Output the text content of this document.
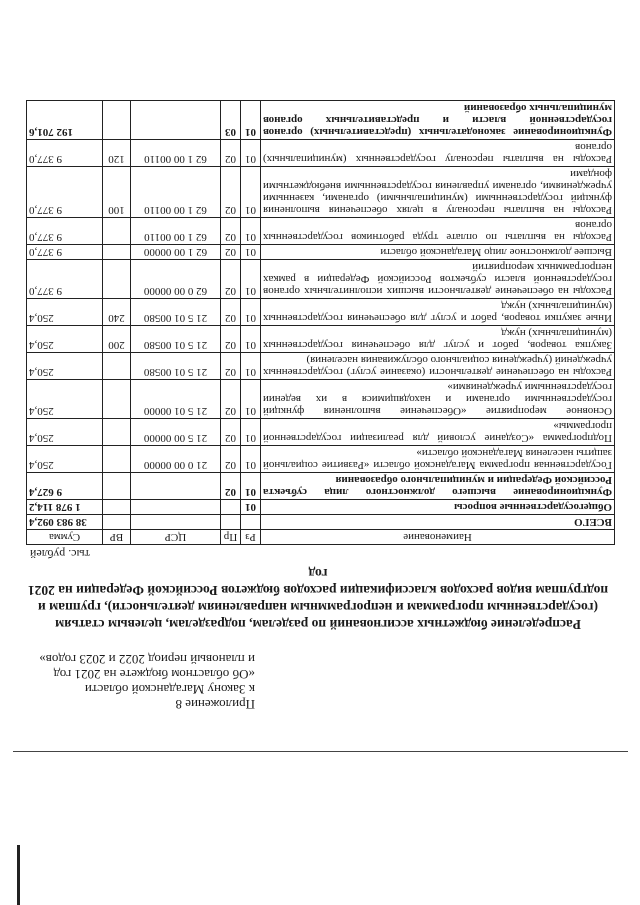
Приложение 8
к Закону Магаданской области
«Об областном бюджете на 2021 год
и плановый период 2022 и 2023 годов»
Распределение бюджетных ассигнований по разделам, подразделам, целевым статьям (государственным программам и непрограммным направлениям деятельности), группам и подгруппам видов расходов классификации расходов бюджетов Российской Федерации на 2021 год
тыс. рублей
Наименование	Рз	Пр	ЦСР	ВР	Сумма
ВСЕГО					38 983 092,4
Общегосударственные вопросы	01				1 978 114,2
Функционирование высшего должностного лица субъекта Российской Федерации и муниципального образования	01	02			9 627,4
Государственная программа Магаданской области «Развитие социальной защиты населения Магаданской области»	01	02	21 0 00 00000		250,4
Подпрограмма «Создание условий для реализации государственной программы»	01	02	21 5 00 00000		250,4
Основное мероприятие «Обеспечение выполнения функций государственными органами и находящимися в их ведении государственными учреждениями»	01	02	21 5 01 00000		250,4
Расходы на обеспечение деятельности (оказание услуг) государственных учреждений (учреждения социального обслуживания населения)	01	02	21 5 01 00580		250,4
Закупка товаров, работ и услуг для обеспечения государственных (муниципальных) нужд	01	02	21 5 01 00580	200	250,4
Иные закупки товаров, работ и услуг для обеспечения государственных (муниципальных) нужд	01	02	21 5 01 00580	240	250,4
Расходы на обеспечение деятельности высших исполнительных органов государственной власти субъектов Российской Федерации в рамках непрограммных мероприятий	01	02	62 0 00 00000		9 377,0
Высшее должностное лицо Магаданской области	01	02	62 1 00 00000		9 377,0
Расходы на выплаты по оплате труда работников государственных органов	01	02	62 1 00 00110		9 377,0
Расходы на выплаты персоналу в целях обеспечения выполнения функций государственными (муниципальными) органами, казенными учреждениями, органами управления государственными внебюджетными фондами	01	02	62 1 00 00110	100	9 377,0
Расходы на выплаты персоналу государственных (муниципальных) органов	01	02	62 1 00 00110	120	9 377,0
Функционирование законодательных (представительных) органов государственной власти и представительных органов муниципальных образований	01	03			192 701,6
